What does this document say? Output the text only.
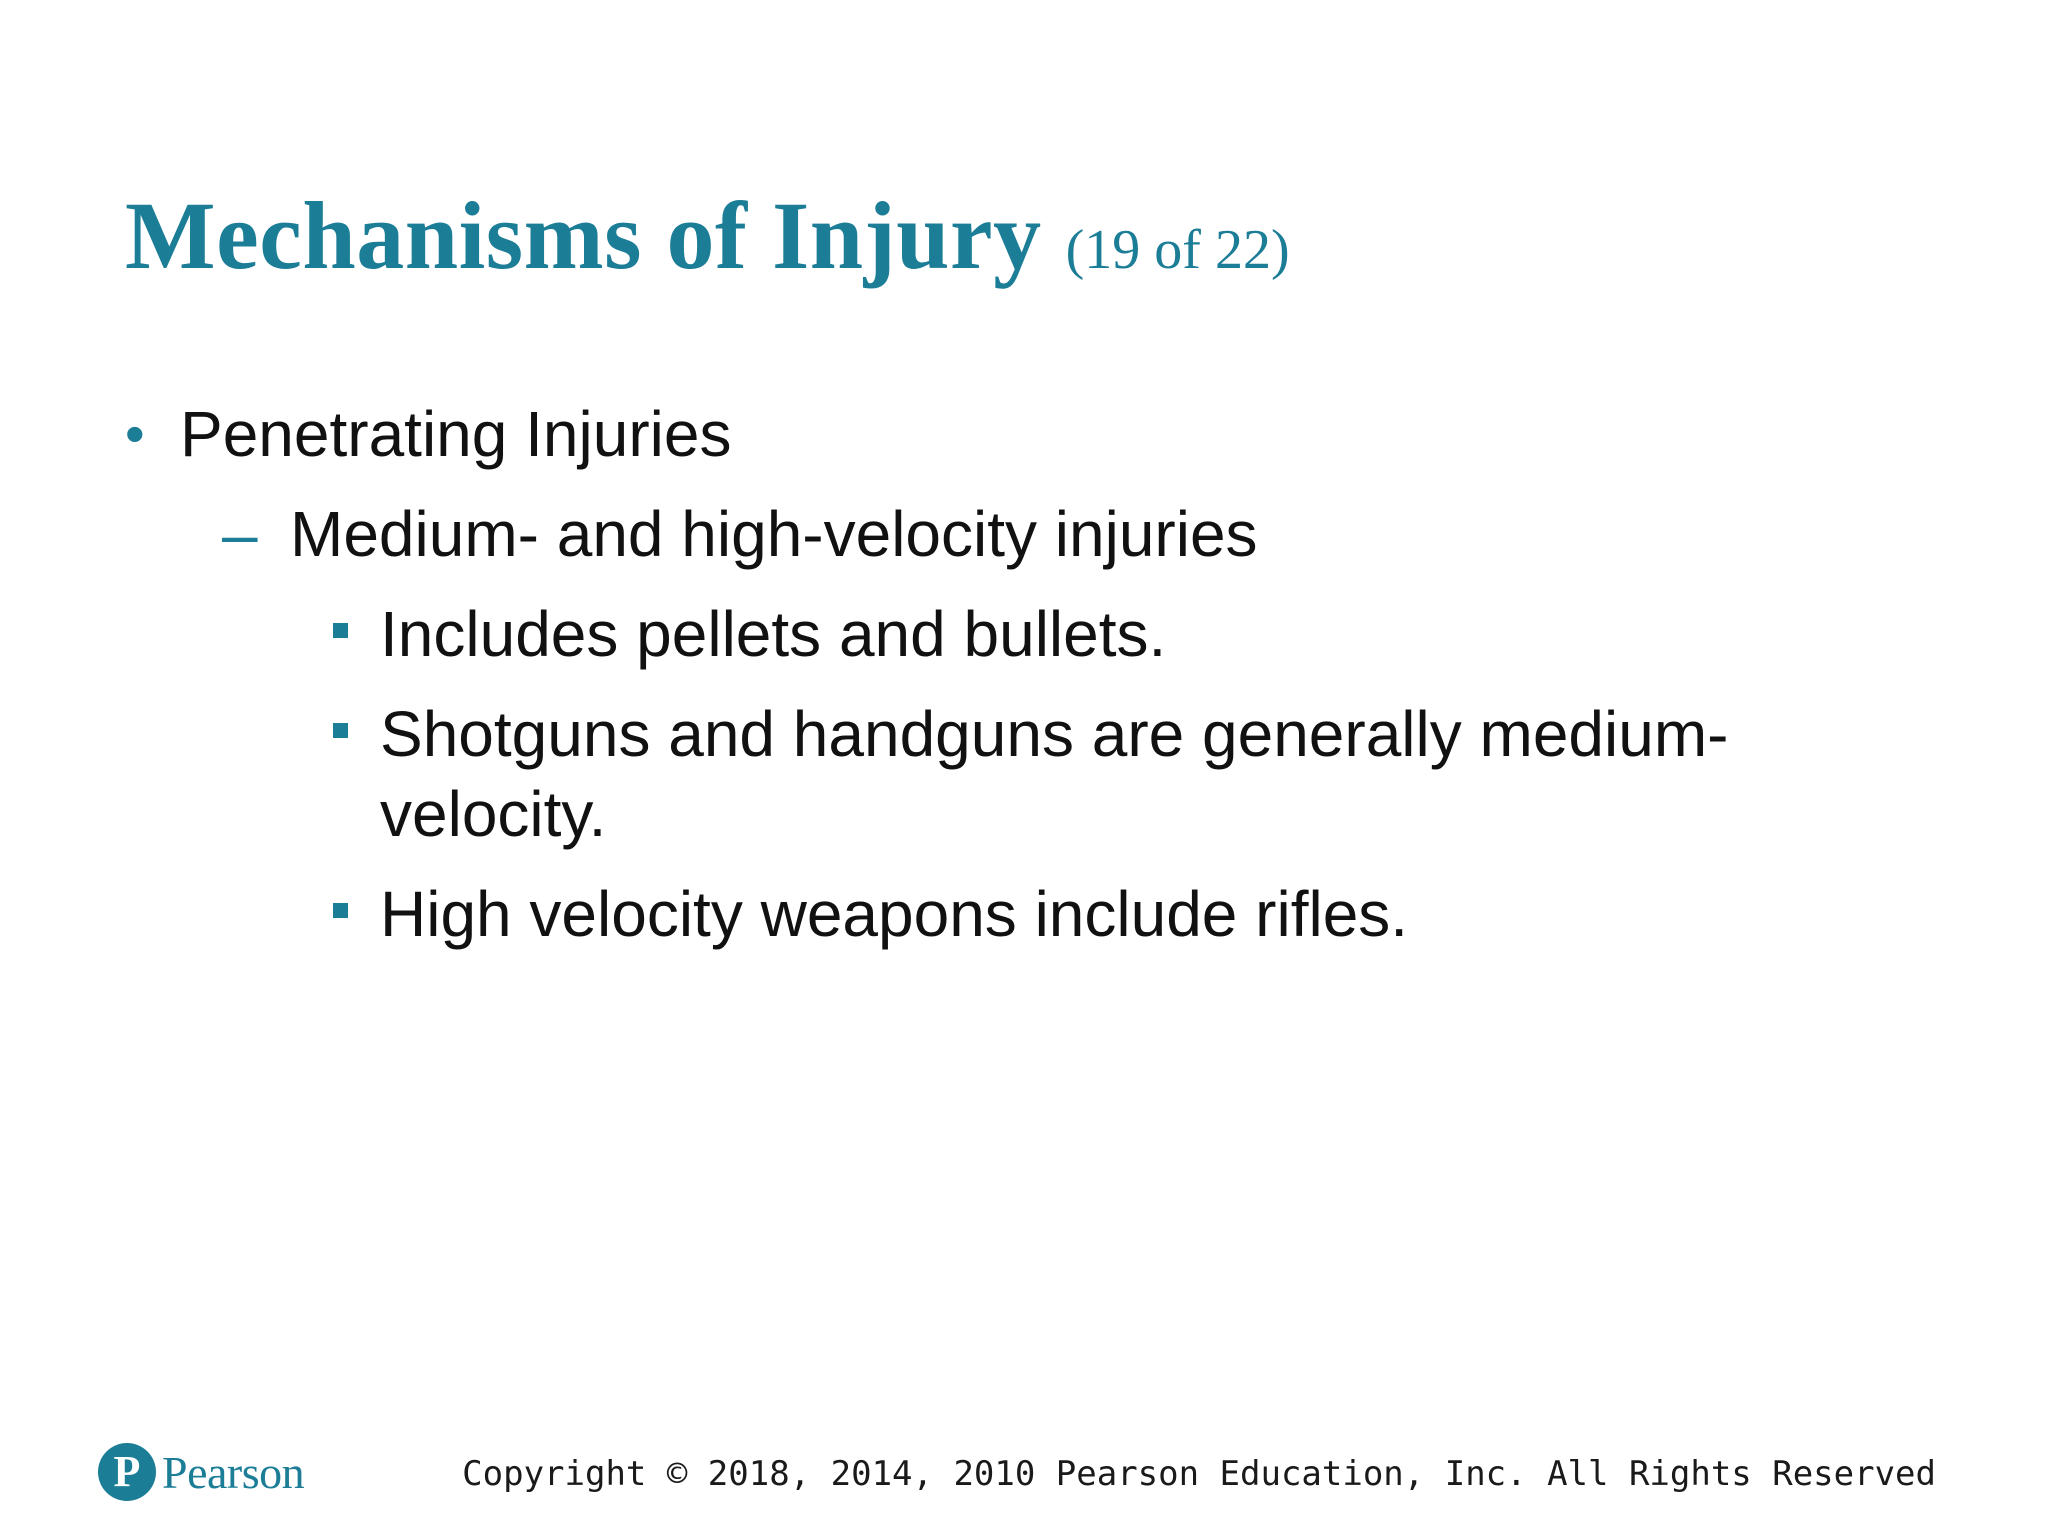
Mechanisms of Injury (19 of 22)
• Penetrating Injuries
– Medium- and high-velocity injuries
Includes pellets and bullets.
Shotguns and handguns are generally medium-
velocity.
High velocity weapons include rifles.
P Pearson	Copyright © 2018, 2014, 2010 Pearson Education, Inc. All Rights Reserved
